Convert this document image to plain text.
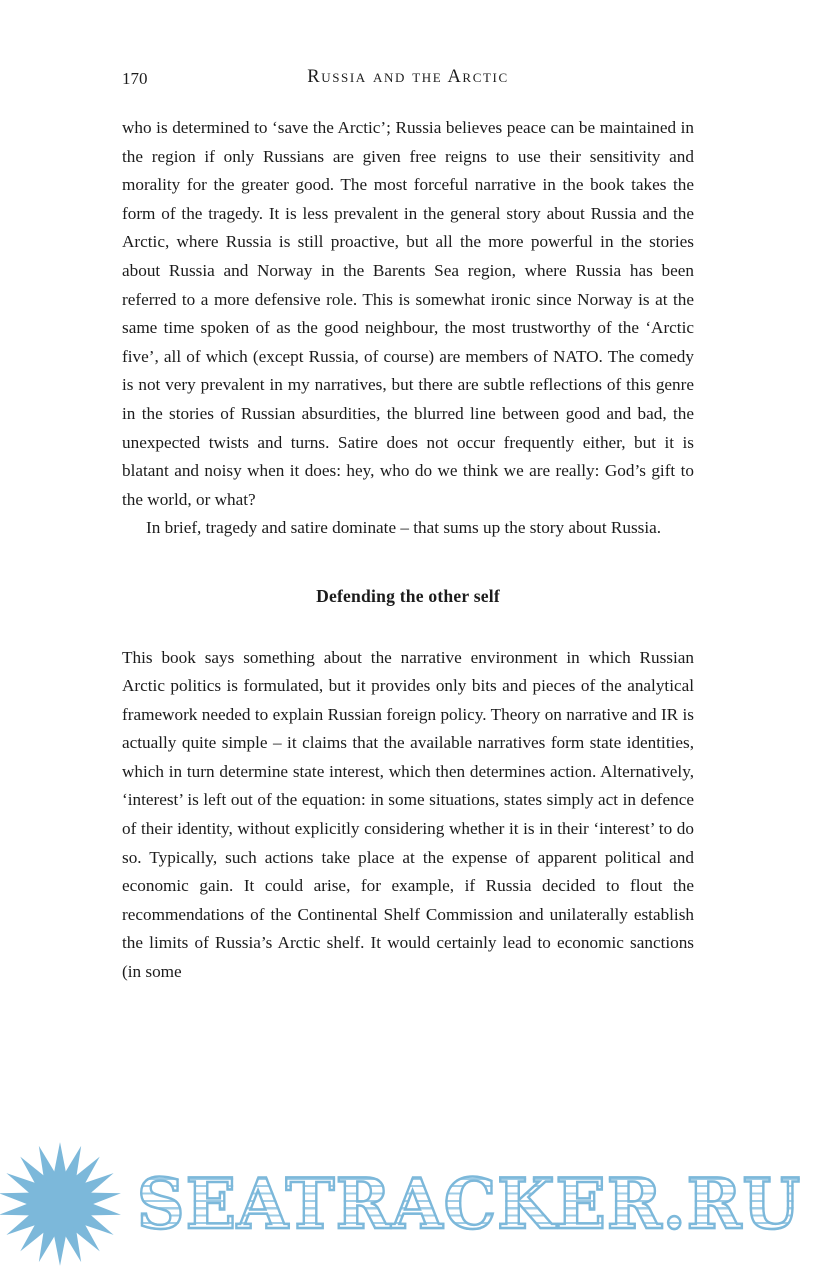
170	Russia and the Arctic

who is determined to ‘save the Arctic’; Russia believes peace can be maintained in the region if only Russians are given free reigns to use their sensitivity and morality for the greater good. The most forceful narrative in the book takes the form of the tragedy. It is less prevalent in the general story about Russia and the Arctic, where Russia is still proactive, but all the more powerful in the stories about Russia and Norway in the Barents Sea region, where Russia has been referred to a more defensive role. This is somewhat ironic since Norway is at the same time spoken of as the good neighbour, the most trustworthy of the ‘Arctic five’, all of which (except Russia, of course) are members of NATO. The comedy is not very prevalent in my narratives, but there are subtle reflections of this genre in the stories of Russian absurdities, the blurred line between good and bad, the unexpected twists and turns. Satire does not occur frequently either, but it is blatant and noisy when it does: hey, who do we think we are really: God’s gift to the world, or what?

In brief, tragedy and satire dominate – that sums up the story about Russia.

Defending the other self

This book says something about the narrative environment in which Russian Arctic politics is formulated, but it provides only bits and pieces of the analytical framework needed to explain Russian foreign policy. Theory on narrative and IR is actually quite simple – it claims that the available narratives form state identities, which in turn determine state interest, which then determines action. Alternatively, ‘interest’ is left out of the equation: in some situations, states simply act in defence of their identity, without explicitly considering whether it is in their ‘interest’ to do so. Typically, such actions take place at the expense of apparent political and economic gain. It could arise, for example, if Russia decided to flout the recommendations of the Continental Shelf Commission and unilaterally establish the limits of Russia’s Arctic shelf. It would certainly lead to economic sanctions (in some

SEATRACKER.RU
